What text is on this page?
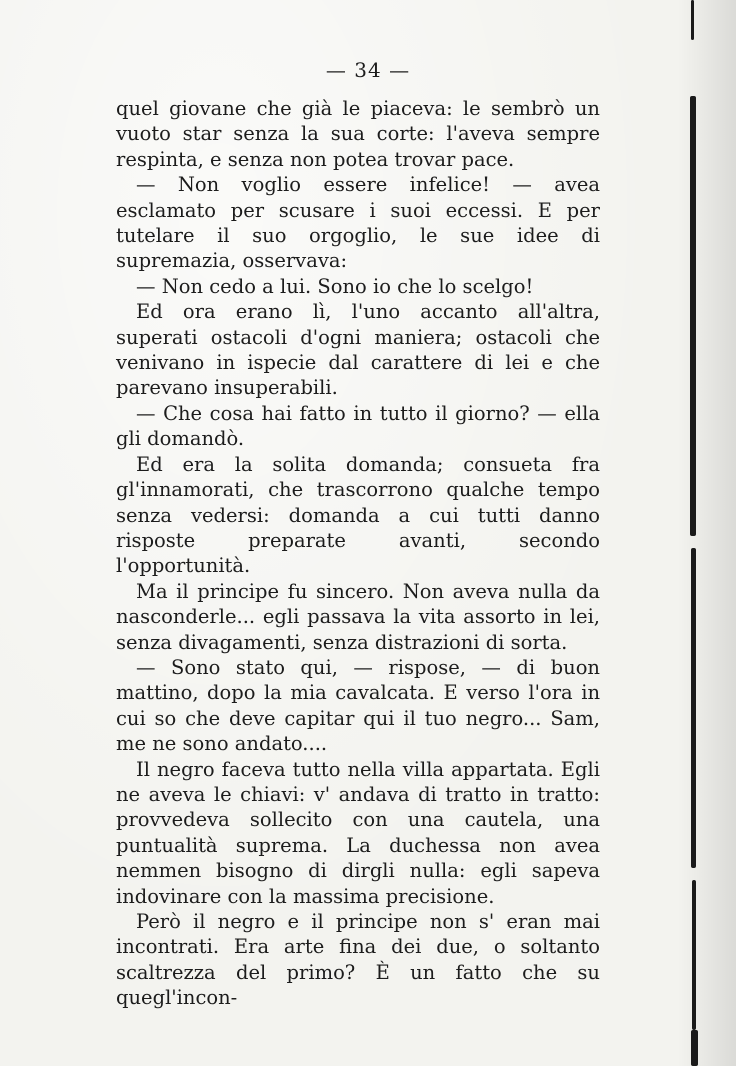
— 34 —

quel giovane che già le piaceva: le sembrò un vuoto star senza la sua corte: l'aveva sempre respinta, e senza non potea trovar pace.

— Non voglio essere infelice! — avea esclamato per scusare i suoi eccessi. E per tutelare il suo orgoglio, le sue idee di supremazia, osservava:

— Non cedo a lui. Sono io che lo scelgo!

Ed ora erano lì, l'uno accanto all'altra, superati ostacoli d'ogni maniera; ostacoli che venivano in ispecie dal carattere di lei e che parevano insuperabili.

— Che cosa hai fatto in tutto il giorno? — ella gli domandò.

Ed era la solita domanda; consueta fra gl'innamorati, che trascorrono qualche tempo senza vedersi: domanda a cui tutti danno risposte preparate avanti, secondo l'opportunità.

Ma il principe fu sincero. Non aveva nulla da nasconderle... egli passava la vita assorto in lei, senza divagamenti, senza distrazioni di sorta.

— Sono stato qui, — rispose, — di buon mattino, dopo la mia cavalcata. E verso l'ora in cui so che deve capitar qui il tuo negro... Sam, me ne sono andato....

Il negro faceva tutto nella villa appartata. Egli ne aveva le chiavi: v' andava di tratto in tratto: provvedeva sollecito con una cautela, una puntualità suprema. La duchessa non avea nemmen bisogno di dirgli nulla: egli sapeva indovinare con la massima precisione.

Però il negro e il principe non s' eran mai incontrati. Era arte fina dei due, o soltanto scaltrezza del primo? È un fatto che su quegl'incon-
